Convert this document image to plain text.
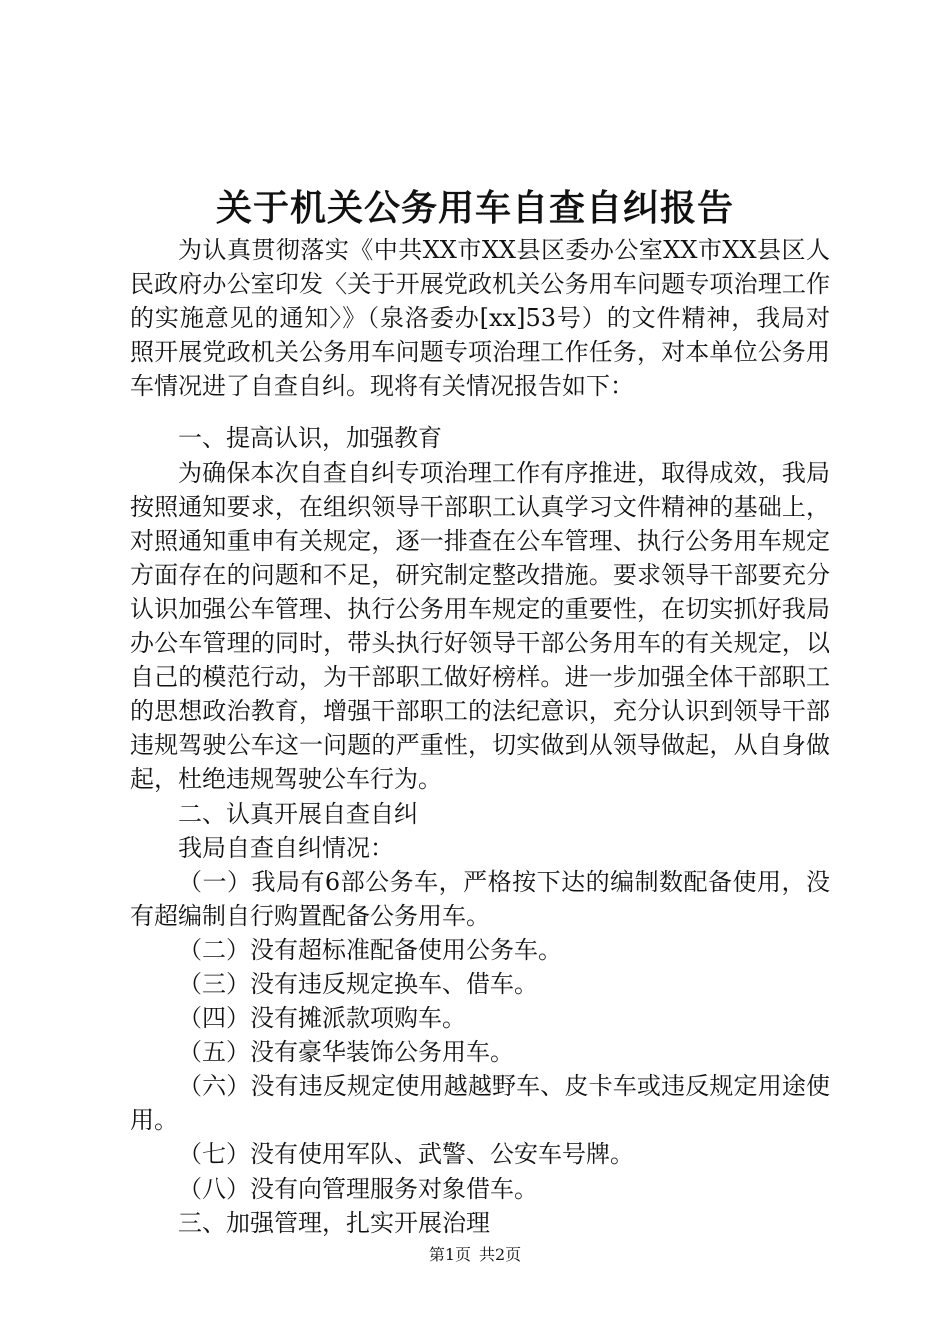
关于机关公务用车自查自纠报告

为认真贯彻落实《中共XX市XX县区委办公室XX市XX县区人民政府办公室印发〈关于开展党政机关公务用车问题专项治理工作的实施意见的通知〉》（泉洛委办[xx]53号）的文件精神，我局对照开展党政机关公务用车问题专项治理工作任务，对本单位公务用车情况进了自查自纠。现将有关情况报告如下：

一、提高认识，加强教育

为确保本次自查自纠专项治理工作有序推进，取得成效，我局按照通知要求，在组织领导干部职工认真学习文件精神的基础上，对照通知重申有关规定，逐一排查在公车管理、执行公务用车规定方面存在的问题和不足，研究制定整改措施。要求领导干部要充分认识加强公车管理、执行公务用车规定的重要性，在切实抓好我局办公车管理的同时，带头执行好领导干部公务用车的有关规定，以自己的模范行动，为干部职工做好榜样。进一步加强全体干部职工的思想政治教育，增强干部职工的法纪意识，充分认识到领导干部违规驾驶公车这一问题的严重性，切实做到从领导做起，从自身做起，杜绝违规驾驶公车行为。

二、认真开展自查自纠

我局自查自纠情况：

（一）我局有6部公务车，严格按下达的编制数配备使用，没有超编制自行购置配备公务用车。

（二）没有超标准配备使用公务车。

（三）没有违反规定换车、借车。

（四）没有摊派款项购车。

（五）没有豪华装饰公务用车。

（六）没有违反规定使用越越野车、皮卡车或违反规定用途使用。

（七）没有使用军队、武警、公安车号牌。

（八）没有向管理服务对象借车。

三、加强管理，扎实开展治理

第1页 共2页
